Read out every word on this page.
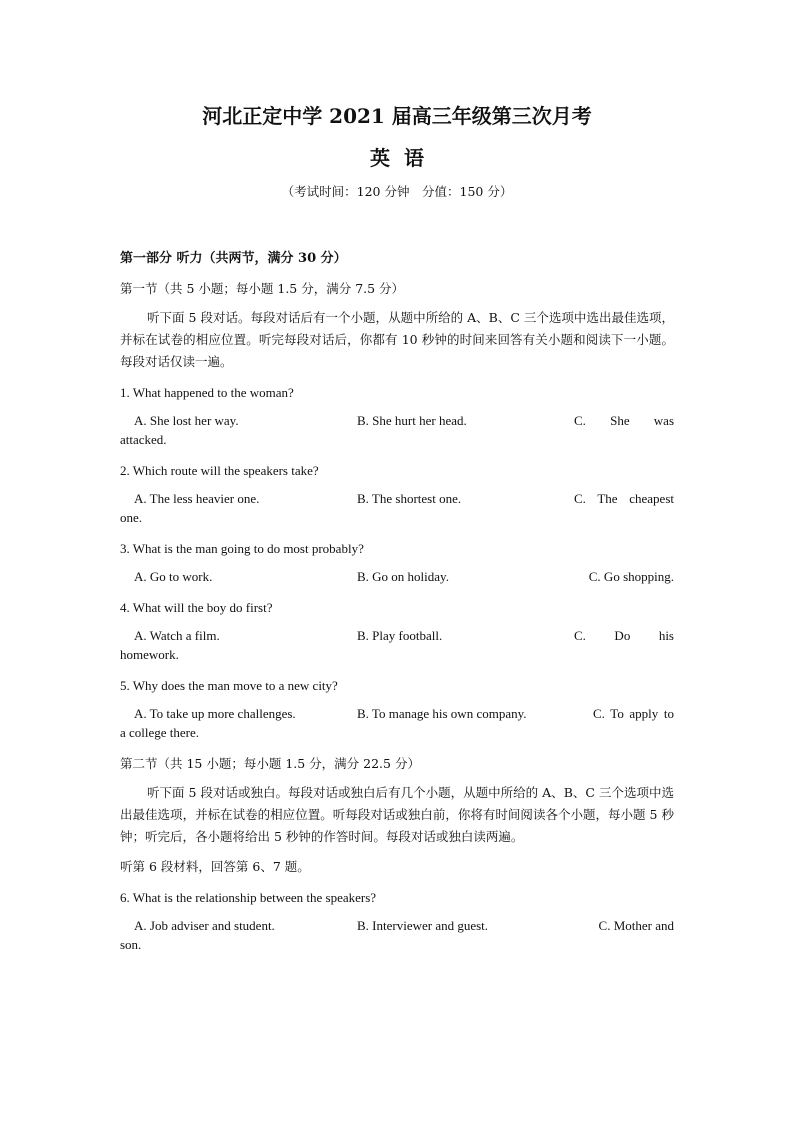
河北正定中学 2021 届高三年级第三次月考
英语
（考试时间：120 分钟　分值：150 分）
第一部分 听力（共两节，满分 30 分）
第一节（共 5 小题；每小题 1.5 分，满分 7.5 分）
听下面 5 段对话。每段对话后有一个小题，从题中所给的 A、B、C 三个选项中选出最佳选项，并标在试卷的相应位置。听完每段对话后，你都有 10 秒钟的时间来回答有关小题和阅读下一小题。每段对话仅读一遍。
1. What happened to the woman?
A. She lost her way.	B. She hurt her head.	C. She was
attacked.
2. Which route will the speakers take?
A. The less heavier one.	B. The shortest one.	C. The cheapest
one.
3. What is the man going to do most probably?
A. Go to work.	B. Go on holiday.	C. Go shopping.
4. What will the boy do first?
A. Watch a film.	B. Play football.	C. Do his
homework.
5. Why does the man move to a new city?
A. To take up more challenges.	B. To manage his own company.	C. To apply to
a college there.
第二节（共 15 小题；每小题 1.5 分，满分 22.5 分）
听下面 5 段对话或独白。每段对话或独白后有几个小题，从题中所给的 A、B、C 三个选项中选出最佳选项，并标在试卷的相应位置。听每段对话或独白前，你将有时间阅读各个小题，每小题 5 秒钟；听完后，各小题将给出 5 秒钟的作答时间。每段对话或独白读两遍。
听第 6 段材料，回答第 6、7 题。
6. What is the relationship between the speakers?
A. Job adviser and student.	B. Interviewer and guest.	C. Mother and
son.
